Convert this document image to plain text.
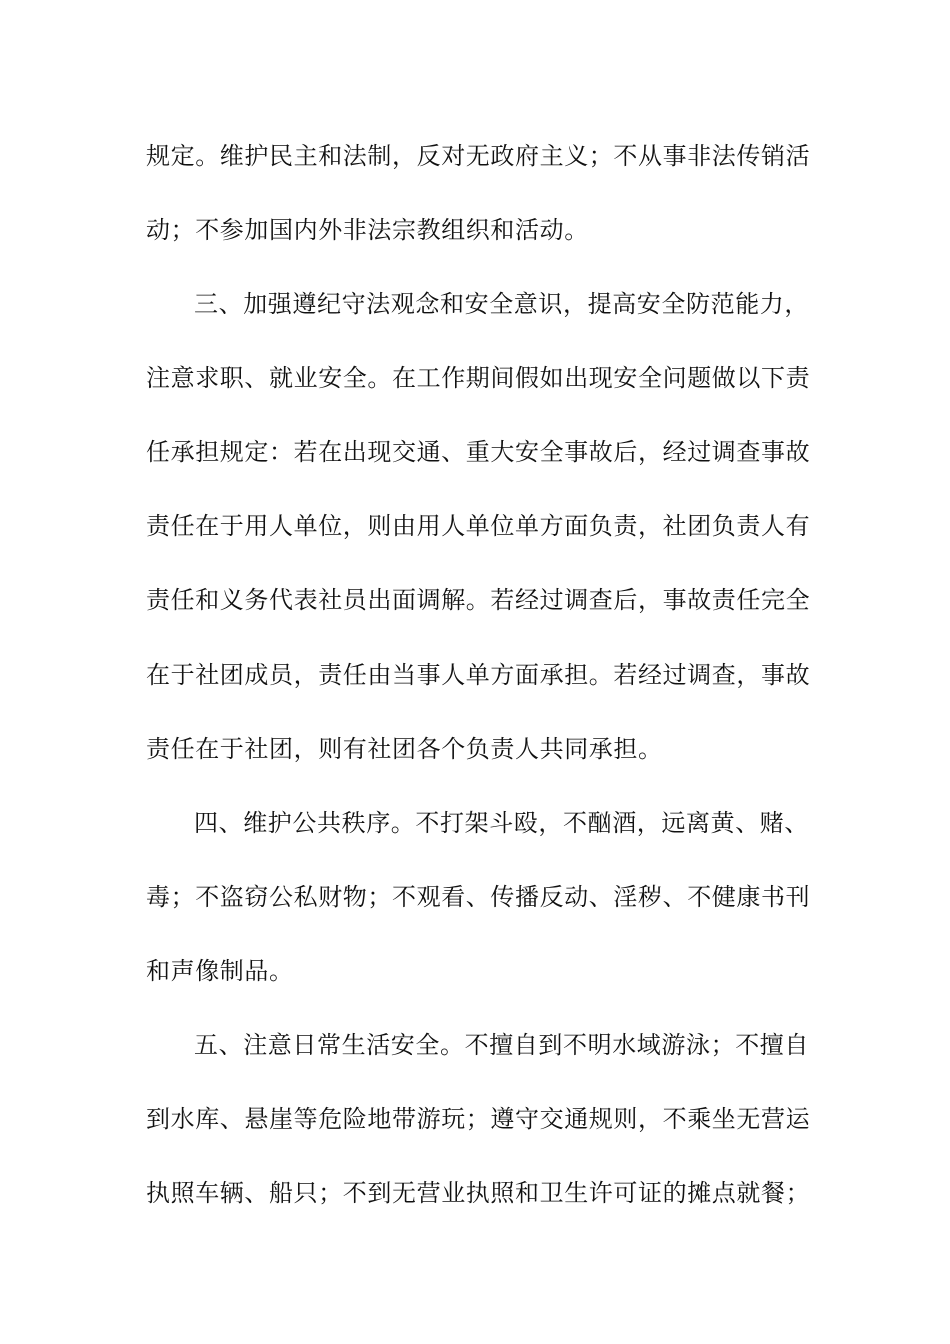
规定。维护民主和法制，反对无政府主义；不从事非法传销活
动；不参加国内外非法宗教组织和活动。
三、加强遵纪守法观念和安全意识，提高安全防范能力，
注意求职、就业安全。在工作期间假如出现安全问题做以下责
任承担规定：若在出现交通、重大安全事故后，经过调查事故
责任在于用人单位，则由用人单位单方面负责，社团负责人有
责任和义务代表社员出面调解。若经过调查后，事故责任完全
在于社团成员，责任由当事人单方面承担。若经过调查，事故
责任在于社团，则有社团各个负责人共同承担。
四、维护公共秩序。不打架斗殴，不酗酒，远离黄、赌、
毒；不盗窃公私财物；不观看、传播反动、淫秽、不健康书刊
和声像制品。
五、注意日常生活安全。不擅自到不明水域游泳；不擅自
到水库、悬崖等危险地带游玩；遵守交通规则，不乘坐无营运
执照车辆、船只；不到无营业执照和卫生许可证的摊点就餐；
